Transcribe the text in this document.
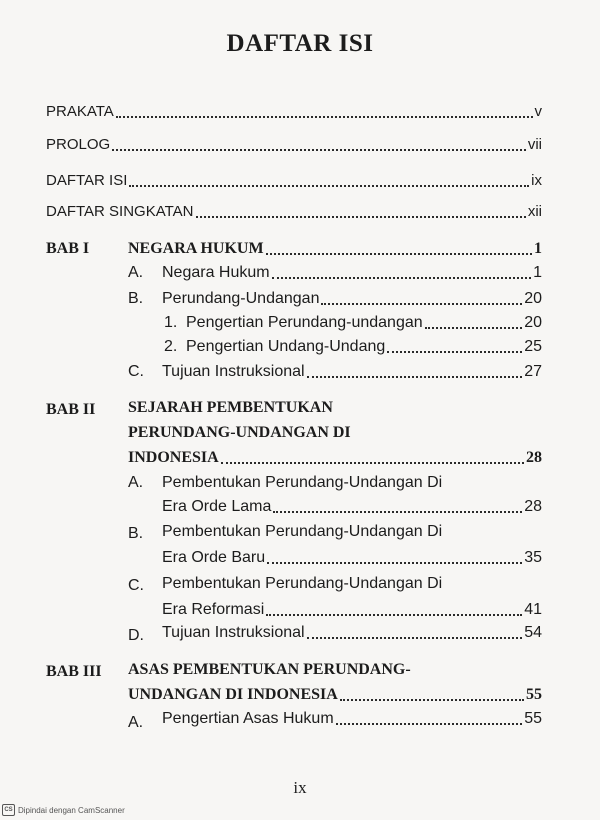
DAFTAR ISI
PRAKATA	v
PROLOG	vii
DAFTAR ISI	ix
DAFTAR SINGKATAN	xii
BAB I NEGARA HUKUM	1
A. Negara Hukum	1
B. Perundang-Undangan	20
1. Pengertian Perundang-undangan	20
2. Pengertian Undang-Undang	25
C. Tujuan Instruksional	27
BAB II SEJARAH PEMBENTUKAN
PERUNDANG-UNDANGAN DI
INDONESIA	28
A. Pembentukan Perundang-Undangan Di
Era Orde Lama	28
B. Pembentukan Perundang-Undangan Di
Era Orde Baru	35
C. Pembentukan Perundang-Undangan Di
Era Reformasi	41
D. Tujuan Instruksional	54
BAB III ASAS PEMBENTUKAN PERUNDANG-
UNDANGAN DI INDONESIA	55
A. Pengertian Asas Hukum	55
ix
CS Dipindai dengan CamScanner
